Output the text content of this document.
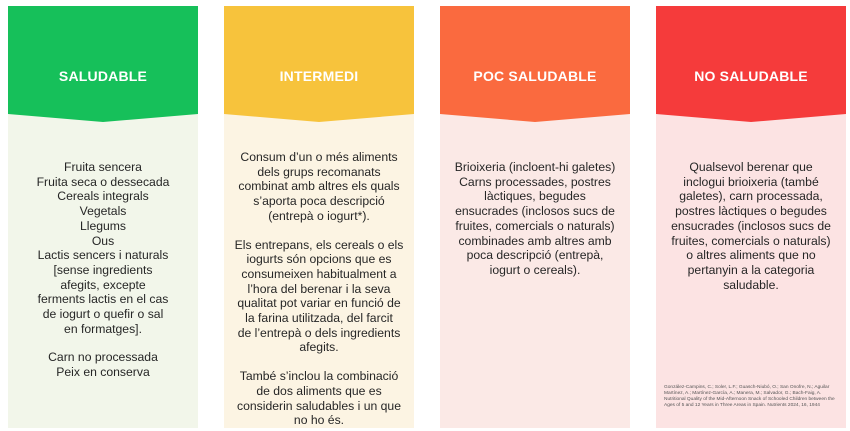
SALUDABLE

Fruita sencera
Fruita seca o dessecada
Cereals integrals
Vegetals
Llegums
Ous
Lactis sencers i naturals
[sense ingredients
afegits, excepte
ferments lactis en el cas
de iogurt o quefir o sal
en formatges].

Carn no processada
Peix en conserva

INTERMEDI

Consum d’un o més aliments
dels grups recomanats
combinat amb altres els quals
s’aporta poca descripció
(entrepà o iogurt*).

Els entrepans, els cereals o els
iogurts són opcions que es
consumeixen habitualment a
l’hora del berenar i la seva
qualitat pot variar en funció de
la farina utilitzada, del farcit
de l’entrepà o dels ingredients
afegits.

També s’inclou la combinació
de dos aliments que es
considerin saludables i un que
no ho és.

POC SALUDABLE

Brioixeria (incloent-hi galetes)
Carns processades, postres
làctiques, begudes
ensucrades (inclosos sucs de
fruites, comercials o naturals)
combinades amb altres amb
poca descripció (entrepà,
iogurt o cereals).

NO SALUDABLE

Qualsevol berenar que
inclogui brioixeria (també
galetes), carn processada,
postres làctiques o begudes
ensucrades (inclosos sucs de
fruites, comercials o naturals)
o altres aliments que no
pertanyin a la categoria
saludable.

González-Campins, C.; Soler, L.F.; Guasch-Niubó, O.; San Onofre, N.; Aguilar Martínez, A.; Martínez-García, A.; Manera, M.; Salvador, G.; Bach-Faig, A. Nutritional Quality of the Mid-Afternoon Snack of Schooled Children between the Ages of 5 and 12 Years in Three Areas in Spain. Nutrients 2024, 16, 1944
